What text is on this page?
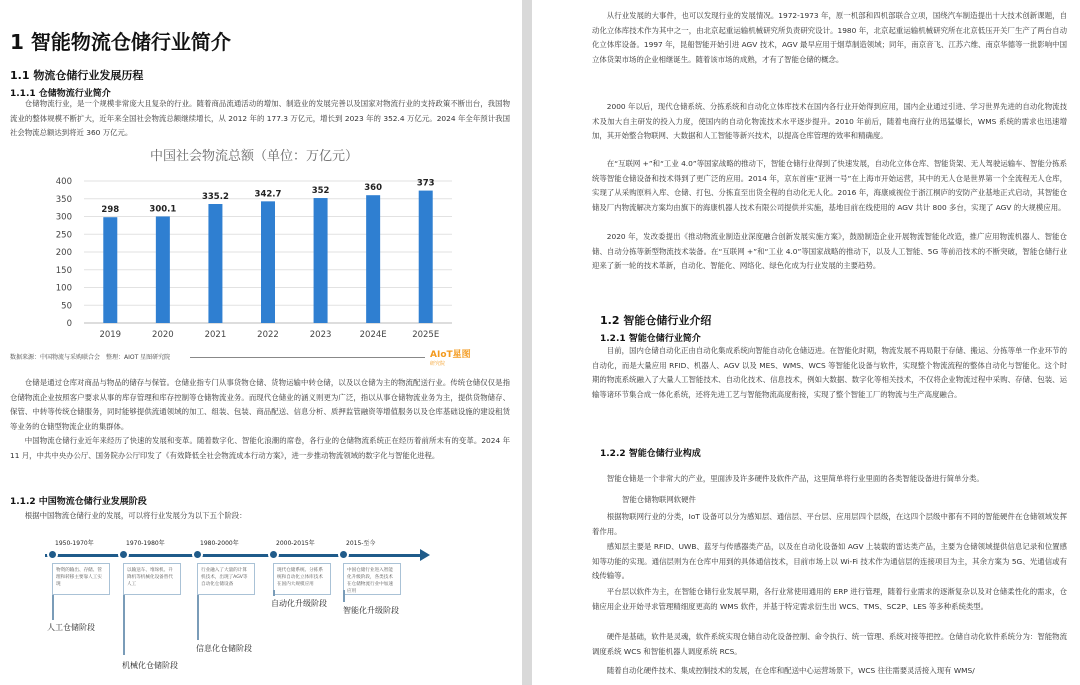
1 智能物流仓储行业简介
1.1 物流仓储行业发展历程
1.1.1 仓储物流行业简介

仓储物流行业，是一个规模非常庞大且复杂的行业。随着商品流通活动的增加、制造业的发展完善以及国家对物流行业的支持政策不断出台，我国物流业的整体规模不断扩大，近年来全国社会物流总额继续增长，从 2012 年的 177.3 万亿元，增长到 2023 年的 352.4 万亿元。2024 年全年预计我国社会物流总额达到将近 360 万亿元。

中国社会物流总额（单位：万亿元）
0
50
100
150
200
250
300
350
400
298	300.1
335.2	342.7	352	360	373
2019	2020	2021	2022	2023	2024E	2025E
数据来源：中国物流与采购联合会　整理：AIOT 星图研究院	AIoT星图
研究院

仓储是通过仓库对商品与物品的储存与保管。仓储业指专门从事货物仓储、货物运输中转仓储，以及以仓储为主的物流配送行业。传统仓储仅仅是指仓储物流企业按照客户要求从事的库存管理和库存控制等仓储物流业务。而现代仓储业的涵义则更为广泛，指以从事仓储物流业务为主，提供货物储存、保管、中转等传统仓储服务，同时能够提供流通领域的加工、组装、包装、商品配送、信息分析、质押监管融资等增值服务以及仓库基础设施的建设租赁等业务的仓储型物流企业的集群体。

中国物流仓储行业近年来经历了快速的发展和变革。随着数字化、智能化浪潮的席卷，各行业的仓储物流系统正在经历着前所未有的变革。2024 年 11 月，中共中央办公厅、国务院办公厅印发了《有效降低全社会物流成本行动方案》，进一步推动物流领域的数字化与智能化进程。

1.1.2 中国物流仓储行业发展阶段

根据中国物流仓储行业的发展，可以将行业发展分为以下五个阶段：

1950-1970年	1970-1980年	1980-2000年	2000-2015年	2015-至今
物资的输出、存储、管理和转移主要靠人工实现
以输送车、堆垛机、升降机等机械化设备替代人工
行业融入了大量的计算机技术，出现了AGV等自动化仓储设备
现代仓储系统、分拣系统和自动化立体库技术在国内大规模应用
中国仓储行业进入智能化升级阶段，各类技术在仓储物流行业中加速应用
人工仓储阶段
机械化仓储阶段
信息化仓储阶段
自动化升级阶段
智能化升级阶段

从行业发展的大事件，也可以发现行业的发展情况。1972-1973 年，原一机部和四机部联合立项，国绕汽车制造提出十大技术创新课题，自动化立体库技术作为其中之一，由北京起重运输机械研究所负责研究设计。1980 年，北京起重运输机械研究所在北京低压开关厂生产了两台自动化立体库设备。1997 年，昆船智能开始引进 AGV 技术，AGV 最早应用于烟草制造领域；同年，南京音飞、江苏六维、南京华德等一批影响中国立体货架市场的企业相继诞生。随着该市场的成熟，才有了智能仓储的概念。

2000 年以后，现代仓储系统、分拣系统和自动化立体库技术在国内各行业开始得到应用，国内企业通过引进、学习世界先进的自动化物流技术及加大自主研发的投入力度，使国内的自动化物流技术水平逐步提升。2010 年前后，随着电商行业的迅猛爆长，WMS 系统的需求也迅速增加，其开始整合物联网、大数据和人工智能等新兴技术，以提高仓库管理的效率和精确度。

在“互联网 +”和“工业 4.0”等国家战略的推动下，智能仓储行业得到了快速发展，自动化立体仓库、智能货架、无人驾驶运输车、智能分拣系统等智能仓储设备和技术得到了更广泛的应用。2014 年，京东首座“亚洲一号”在上海市开始运营，其中的无人仓是世界第一个全流程无人仓库，实现了从采购原料入库、仓储、打包、分拣直至出货全程的自动化无人化。2016 年，海康威视位于浙江桐庐的安防产业基地正式启动，其智能仓储及厂内物流解决方案均由旗下的海康机器人技术有限公司提供并实施，基地目前在线使用的 AGV 共计 800 多台，实现了 AGV 的大规模应用。

2020 年，发改委提出《推动物流业制造业深度融合创新发展实施方案》，鼓励制造企业开展物流智能化改造，推广应用物流机器人、智能仓储、自动分拣等新型物流技术装备。在“互联网 +”和“工业 4.0”等国家战略的推动下，以及人工智能、5G 等前沿技术的不断突破，智能仓储行业迎来了新一轮的技术革新，自动化、智能化、网络化、绿色化成为行业发展的主要趋势。

1.2 智能仓储行业介绍
1.2.1 智能仓储行业简介

目前，国内仓储自动化正由自动化集成系统向智能自动化仓储迈进。在智能化时期，物流发展不再局限于存储、搬运、分拣等单一作业环节的自动化，而是大量应用 RFID、机器人、AGV 以及 MES、WMS、WCS 等智能化设备与软件，实现整个物流流程的整体自动化与智能化。这个时期的物流系统融入了大量人工智能技术、自动化技术、信息技术，例如大数据、数字化等相关技术，不仅将企业物流过程中采购、存储、包装、运输等诸环节集合成一体化系统，还将先进工艺与智能物流高度衔接，实现了整个智能工厂的物流与生产高度融合。

1.2.2 智能仓储行业构成

智能仓储是一个非常大的产业，里面涉及许多硬件及软件产品，这里简单将行业里面的各类智能设备进行简单分类。

智能仓储物联网软硬件

根据物联网行业的分类，IoT 设备可以分为感知层、通信层、平台层、应用层四个层级，在这四个层级中都有不同的智能硬件在仓储领域发挥着作用。

感知层主要是 RFID、UWB、蓝牙与传感器类产品，以及在自动化设备如 AGV 上装载的雷达类产品，主要为仓储领域提供信息记录和位置感知等功能的实现。通信层则为在仓库中用到的具体通信技术，目前市场上以 Wi-Fi 技术作为通信层的连接项目为主，其余方案为 5G、光通信或有线传输等。

平台层以软件为主，在智能仓储行业发展早期，各行业常使用通用的 ERP 进行管理，随着行业需求的逐渐复杂以及对仓储柔性化的需求，仓储应用企业开始寻求管理精细度更高的 WMS 软件，并基于特定需求衍生出 WCS、TMS、SC2P、LES 等多种系统类型。

硬件是基础，软件是灵魂，软件系统实现仓储自动化设备控制、命令执行、统一管理、系统对接等把控。仓储自动化软件系统分为：智能物流调度系统 WCS 和智能机器人调度系统 RCS。

随着自动化硬件技术、集成控制技术的发展，在仓库和配送中心运营场景下，WCS 往往需要灵活接入现有 WMS/
